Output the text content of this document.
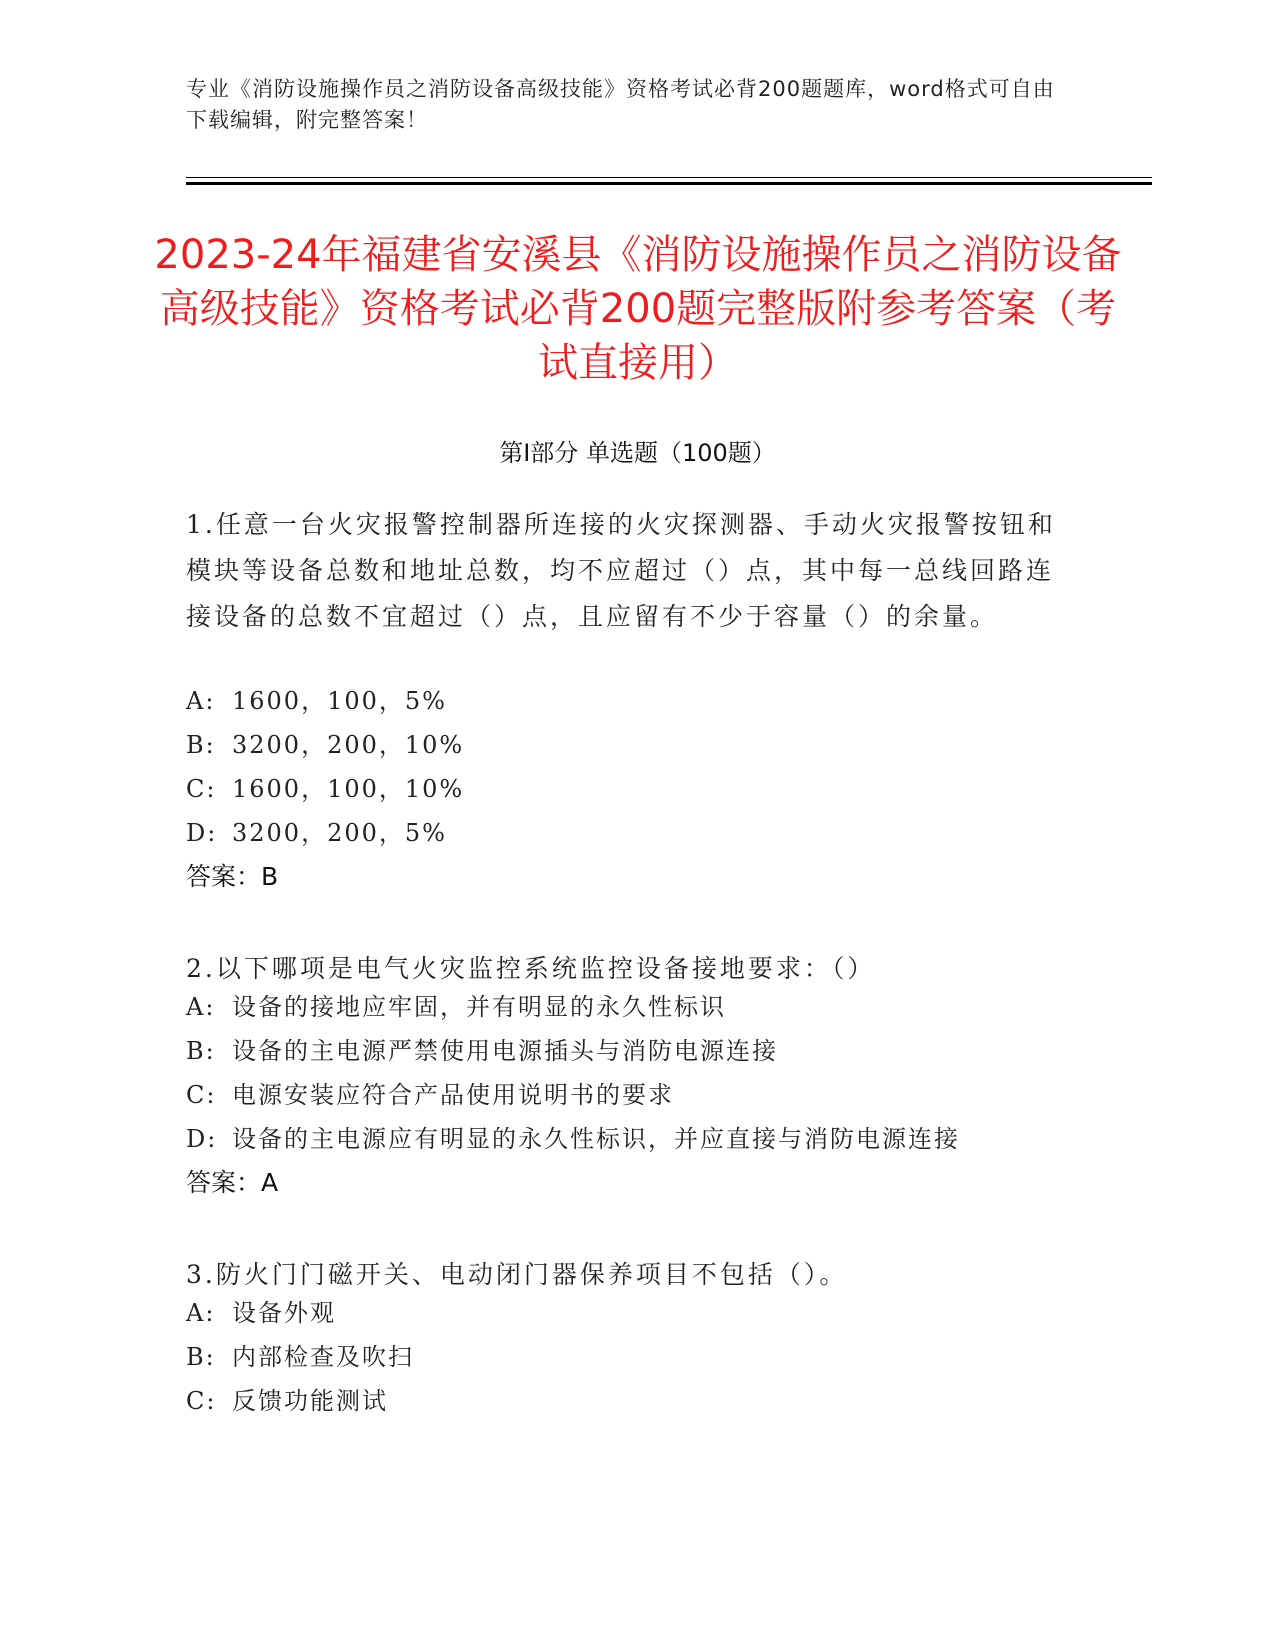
专业《消防设施操作员之消防设备高级技能》资格考试必背200题题库，word格式可自由下载编辑，附完整答案！
2023-24年福建省安溪县《消防设施操作员之消防设备高级技能》资格考试必背200题完整版附参考答案（考试直接用）
第Ⅰ部分 单选题（100题）

1.任意一台火灾报警控制器所连接的火灾探测器、手动火灾报警按钮和模块等设备总数和地址总数，均不应超过（）点，其中每一总线回路连接设备的总数不宜超过（）点，且应留有不少于容量（）的余量。

A: 1600，100，5%
B: 3200，200，10%
C: 1600，100，10%
D: 3200，200，5%
答案：B

2.以下哪项是电气火灾监控系统监控设备接地要求：（）

A: 设备的接地应牢固，并有明显的永久性标识
B: 设备的主电源严禁使用电源插头与消防电源连接
C: 电源安装应符合产品使用说明书的要求
D: 设备的主电源应有明显的永久性标识，并应直接与消防电源连接
答案：A

3.防火门门磁开关、电动闭门器保养项目不包括（）。

A: 设备外观
B: 内部检查及吹扫
C: 反馈功能测试
